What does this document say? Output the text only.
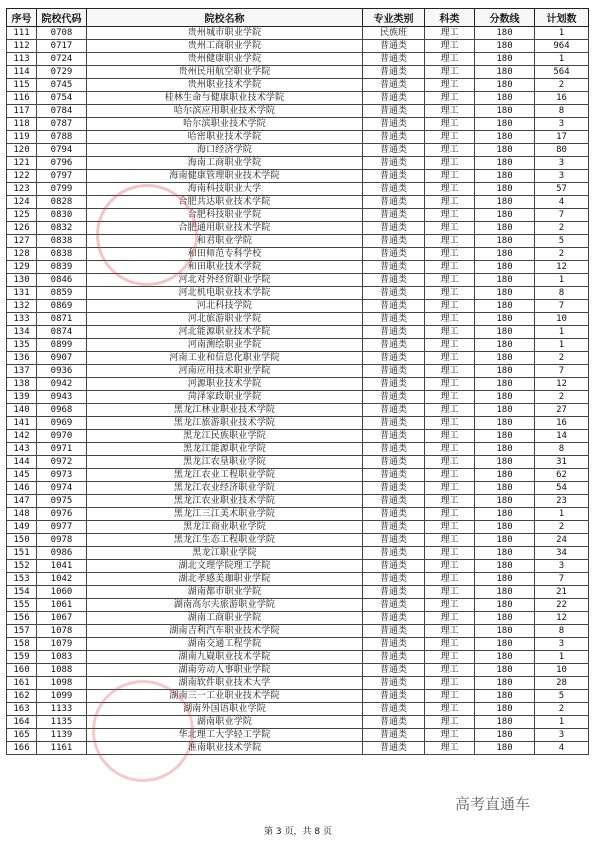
序号	院校代码	院校名称	专业类别	科类	分数线	计划数
111	0708	贵州城市职业学院	民族班	理工	180	1
112	0717	贵州工商职业学院	普通类	理工	180	964
113	0724	贵州健康职业学院	普通类	理工	180	1
114	0729	贵州民用航空职业学院	普通类	理工	180	564
115	0745	贵州职业技术学院	普通类	理工	180	2
116	0754	桂林生命与健康职业技术学院	普通类	理工	180	16
117	0784	哈尔滨应用职业技术学院	普通类	理工	180	8
118	0787	哈尔滨职业技术学院	普通类	理工	180	3
119	0788	哈密职业技术学院	普通类	理工	180	17
120	0794	海口经济学院	普通类	理工	180	80
121	0796	海南工商职业学院	普通类	理工	180	3
122	0797	海南健康管理职业技术学院	普通类	理工	180	3
123	0799	海南科技职业大学	普通类	理工	180	57
124	0828	合肥共达职业技术学院	普通类	理工	180	4
125	0830	合肥科技职业学院	普通类	理工	180	7
126	0832	合肥通用职业技术学院	普通类	理工	180	2
127	0838	和君职业学院	普通类	理工	180	5
128	0838	和田师范专科学校	普通类	理工	180	2
129	0839	和田职业技术学院	普通类	理工	180	12
130	0846	河北对外经贸职业学院	普通类	理工	180	1
131	0859	河北机电职业技术学院	普通类	理工	180	8
132	0869	河北科技学院	普通类	理工	180	7
133	0871	河北旅游职业学院	普通类	理工	180	10
134	0874	河北能源职业技术学院	普通类	理工	180	1
135	0899	河南测绘职业学院	普通类	理工	180	1
136	0907	河南工业和信息化职业学院	普通类	理工	180	2
137	0936	河南应用技术职业学院	普通类	理工	180	7
138	0942	河源职业技术学院	普通类	理工	180	12
139	0943	菏泽家政职业学院	普通类	理工	180	2
140	0968	黑龙江林业职业技术学院	普通类	理工	180	27
141	0969	黑龙江旅游职业技术学院	普通类	理工	180	16
142	0970	黑龙江民族职业学院	普通类	理工	180	14
143	0971	黑龙江能源职业学院	普通类	理工	180	8
144	0972	黑龙江农垦职业学院	普通类	理工	180	31
145	0973	黑龙江农业工程职业学院	普通类	理工	180	62
146	0974	黑龙江农业经济职业学院	普通类	理工	180	54
147	0975	黑龙江农业职业技术学院	普通类	理工	180	23
148	0976	黑龙江三江美术职业学院	普通类	理工	180	1
149	0977	黑龙江商业职业学院	普通类	理工	180	2
150	0978	黑龙江生态工程职业学院	普通类	理工	180	24
151	0986	黑龙江职业学院	普通类	理工	180	34
152	1041	湖北文理学院理工学院	普通类	理工	180	3
153	1042	湖北孝感美珈职业学院	普通类	理工	180	7
154	1060	湖南都市职业学院	普通类	理工	180	21
155	1061	湖南高尔夫旅游职业学院	普通类	理工	180	22
156	1067	湖南工商职业学院	普通类	理工	180	12
157	1078	湖南吉利汽车职业技术学院	普通类	理工	180	8
158	1079	湖南交通工程学院	普通类	理工	180	3
159	1083	湖南九嶷职业技术学院	普通类	理工	180	1
160	1088	湖南劳动人事职业学院	普通类	理工	180	10
161	1098	湖南软件职业技术大学	普通类	理工	180	28
162	1099	湖南三一工业职业技术学院	普通类	理工	180	5
163	1133	湖南外国语职业学院	普通类	理工	180	2
164	1135	湖南职业学院	普通类	理工	180	1
165	1139	华北理工大学轻工学院	普通类	理工	180	3
166	1161	淮南职业技术学院	普通类	理工	180	4
高考直通车
第 3 页，共 8 页
